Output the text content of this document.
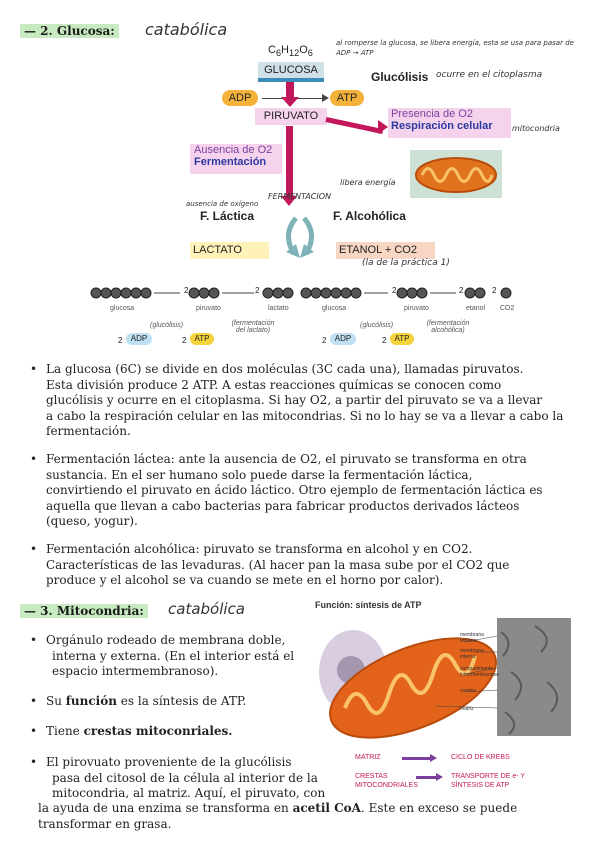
— 2. Glucosa: catabólica
$C_6H_{12}O_6$
GLUCOSA
al romperse la glucosa, se libera energía, esta se usa para pasar de ADP → ATP
Glucólisis ocurre en el citoplasma
ADP	ATP
PIRUVATO	Presencia de O2
Respiración celular	mitocondria
Ausencia de O2
Fermentación
libera energía
FERMENTACION
ausencia de oxígeno
F. Láctica	F. Alcohólica
LACTATO	ETANOL + CO2
(la de la práctica 1)
2	2
glucosa	piruvato	lactato
(glucólisis)	(fermentación del lactato)
2	ADP	2	ATP
2	2	2
glucosa	piruvato	etanol CO2
(glucólisis)	(fermentación alcohólica)
2	ADP	2	ATP
• La glucosa (6C) se divide en dos moléculas (3C cada una), llamadas piruvatos.
Esta división produce 2 ATP. A estas reacciones químicas se conocen como
glucólisis y ocurre en el citoplasma. Si hay O2, a partir del piruvato se va a llevar
a cabo la respiración celular en las mitocondrias. Si no lo hay se va a llevar a cabo la
fermentación.
• Fermentación láctea: ante la ausencia de O2, el piruvato se transforma en otra
sustancia. En el ser humano solo puede darse la fermentación láctica,
convirtiendo el piruvato en ácido láctico. Otro ejemplo de fermentación láctica es
aquella que llevan a cabo bacterias para fabricar productos derivados lácteos
(queso, yogur).
• Fermentación alcohólica: piruvato se transforma en alcohol y en CO2.
Características de las levaduras. (Al hacer pan la masa sube por el CO2 que
produce y el alcohol se va cuando se mete en el horno por calor).
— 3. Mitocondria: catabólica	Función: síntesis de ATP
membrana externa
membrana interna
compartimento intermembranoso
crestas
matriz
MATRIZ	CICLO DE KREBS
CRESTAS MITOCONDRIALES
TRANSPORTE DE e- Y SÍNTESIS DE ATP
• Orgánulo rodeado de membrana doble,
interna y externa. (En el interior está el
espacio intermembranoso).
• Su función es la síntesis de ATP.
• Tiene crestas mitoconriales.
• El pirovuato proveniente de la glucólisis
pasa del citosol de la célula al interior de la
mitocondria, al matriz. Aquí, el piruvato, con
la ayuda de una enzima se transforma en acetil CoA. Este en exceso se puede
transformar en grasa.
